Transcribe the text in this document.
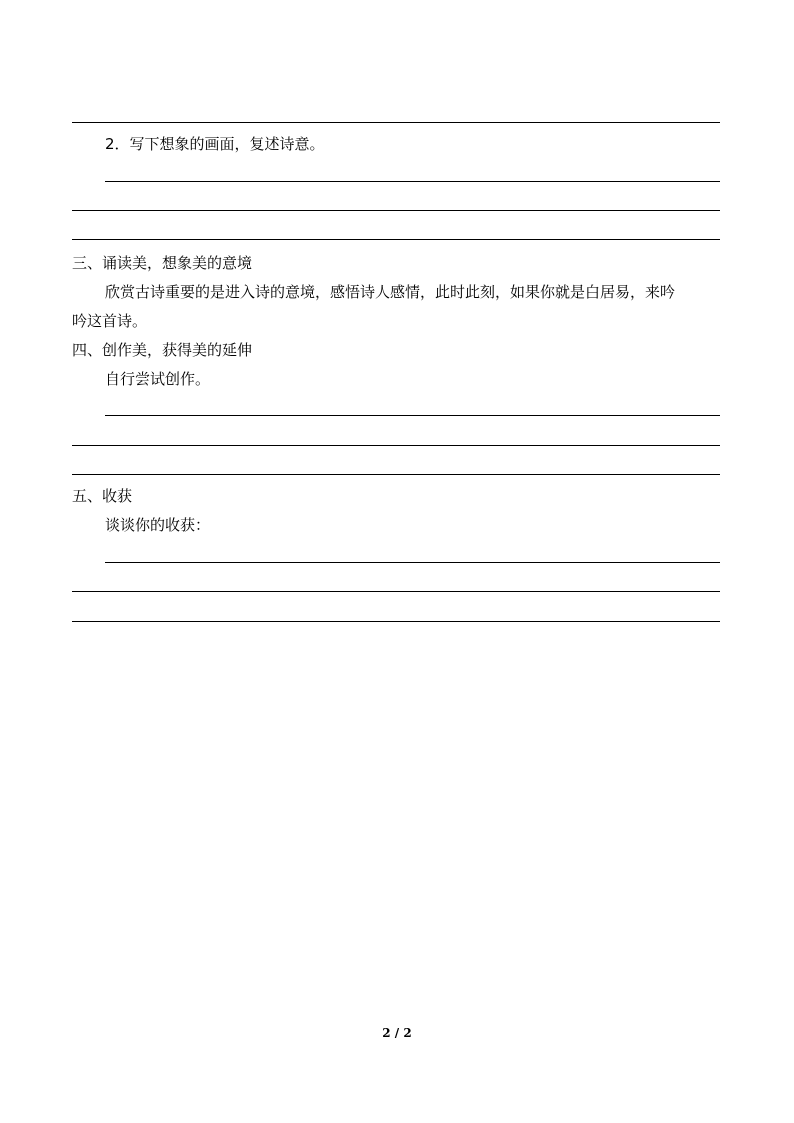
2．写下想象的画面，复述诗意。
三、诵读美，想象美的意境
欣赏古诗重要的是进入诗的意境，感悟诗人感情，此时此刻，如果你就是白居易，来吟
吟这首诗。
四、创作美，获得美的延伸
自行尝试创作。
五、收获
谈谈你的收获：
2 / 2
